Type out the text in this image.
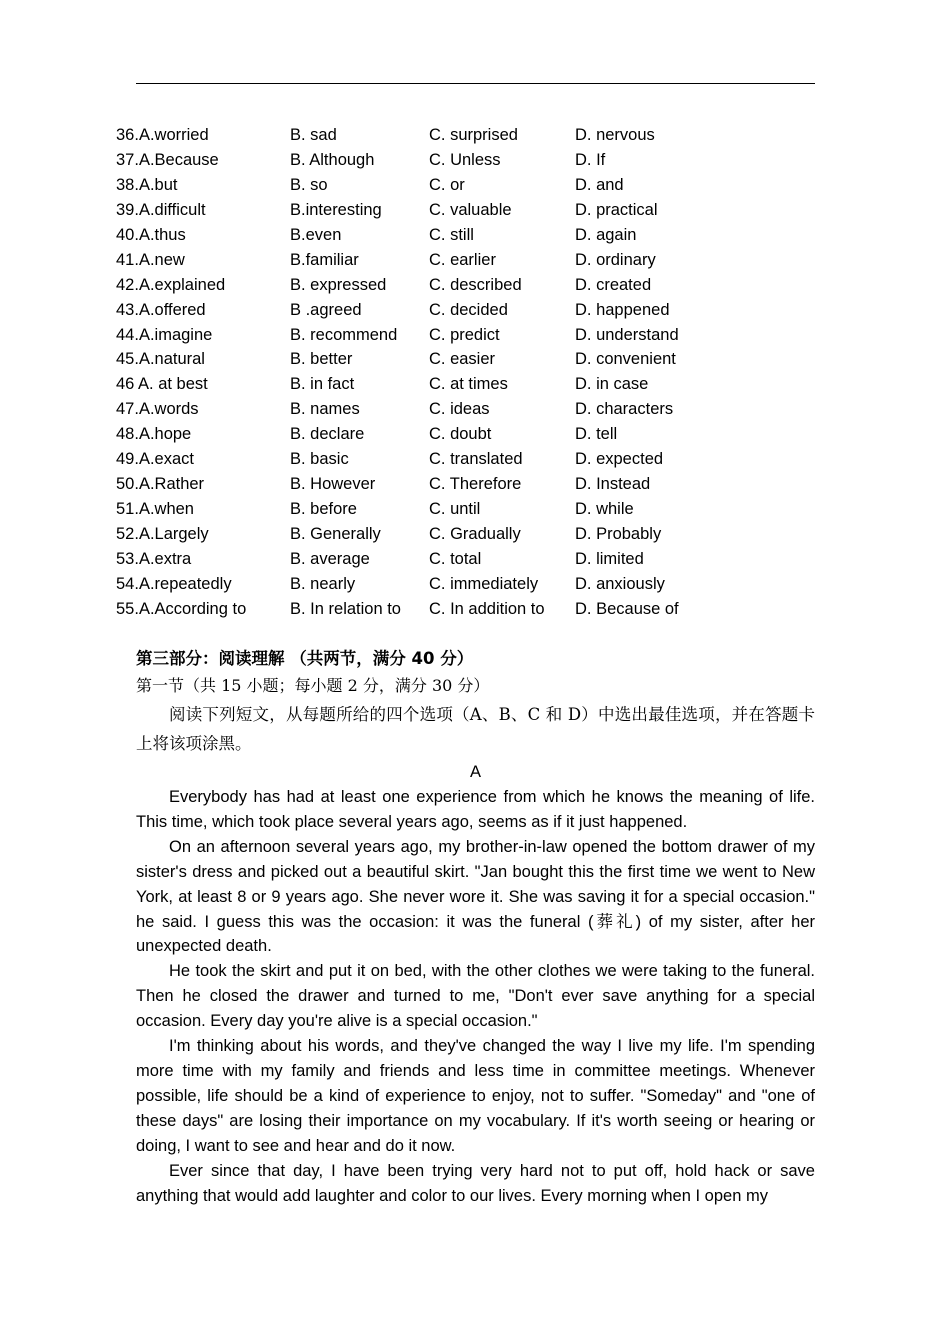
36.A.worried	B. sad	C. surprised	D. nervous
37.A.Because	B. Although	C. Unless	D. If
38.A.but	B. so	C. or	D. and
39.A.difficult	B.interesting	C. valuable	D. practical
40.A.thus	B.even	C. still	D. again
41.A.new	B.familiar	C. earlier	D. ordinary
42.A.explained	B. expressed	C. described	D. created
43.A.offered	B .agreed	C. decided	D. happened
44.A.imagine	B. recommend	C. predict	D. understand
45.A.natural	B. better	C. easier	D. convenient
46 A. at best	B. in fact	C. at times	D. in case
47.A.words	B. names	C. ideas	D. characters
48.A.hope	B. declare	C. doubt	D. tell
49.A.exact	B. basic	C. translated	D. expected
50.A.Rather	B. However	C. Therefore	D. Instead
51.A.when	B. before	C. until	D. while
52.A.Largely	B. Generally	C. Gradually	D. Probably
53.A.extra	B. average	C. total	D. limited
54.A.repeatedly	B. nearly	C. immediately	D. anxiously
55.A.According to	B. In relation to	C. In addition to	D. Because of
第三部分：阅读理解 （共两节，满分 40 分）
第一节（共 15 小题；每小题 2 分，满分 30 分）
阅读下列短文，从每题所给的四个选项（A、B、C 和 D）中选出最佳选项，并在答题卡上将该项涂黑。
A

Everybody has had at least one experience from which he knows the meaning of life. This time, which took place several years ago, seems as if it just happened.

On an afternoon several years ago, my brother-in-law opened the bottom drawer of my sister's dress and picked out a beautiful skirt. "Jan bought this the first time we went to New York, at least 8 or 9 years ago. She never wore it. She was saving it for a special occasion." he said. I guess this was the occasion: it was the funeral (葬礼) of my sister, after her unexpected death.

He took the skirt and put it on bed, with the other clothes we were taking to the funeral. Then he closed the drawer and turned to me, "Don't ever save anything for a special occasion. Every day you're alive is a special occasion."

I'm thinking about his words, and they've changed the way I live my life. I'm spending more time with my family and friends and less time in committee meetings. Whenever possible, life should be a kind of experience to enjoy, not to suffer. "Someday" and "one of these days" are losing their importance on my vocabulary. If it's worth seeing or hearing or doing, I want to see and hear and do it now.

Ever since that day, I have been trying very hard not to put off, hold hack or save anything that would add laughter and color to our lives. Every morning when I open my
